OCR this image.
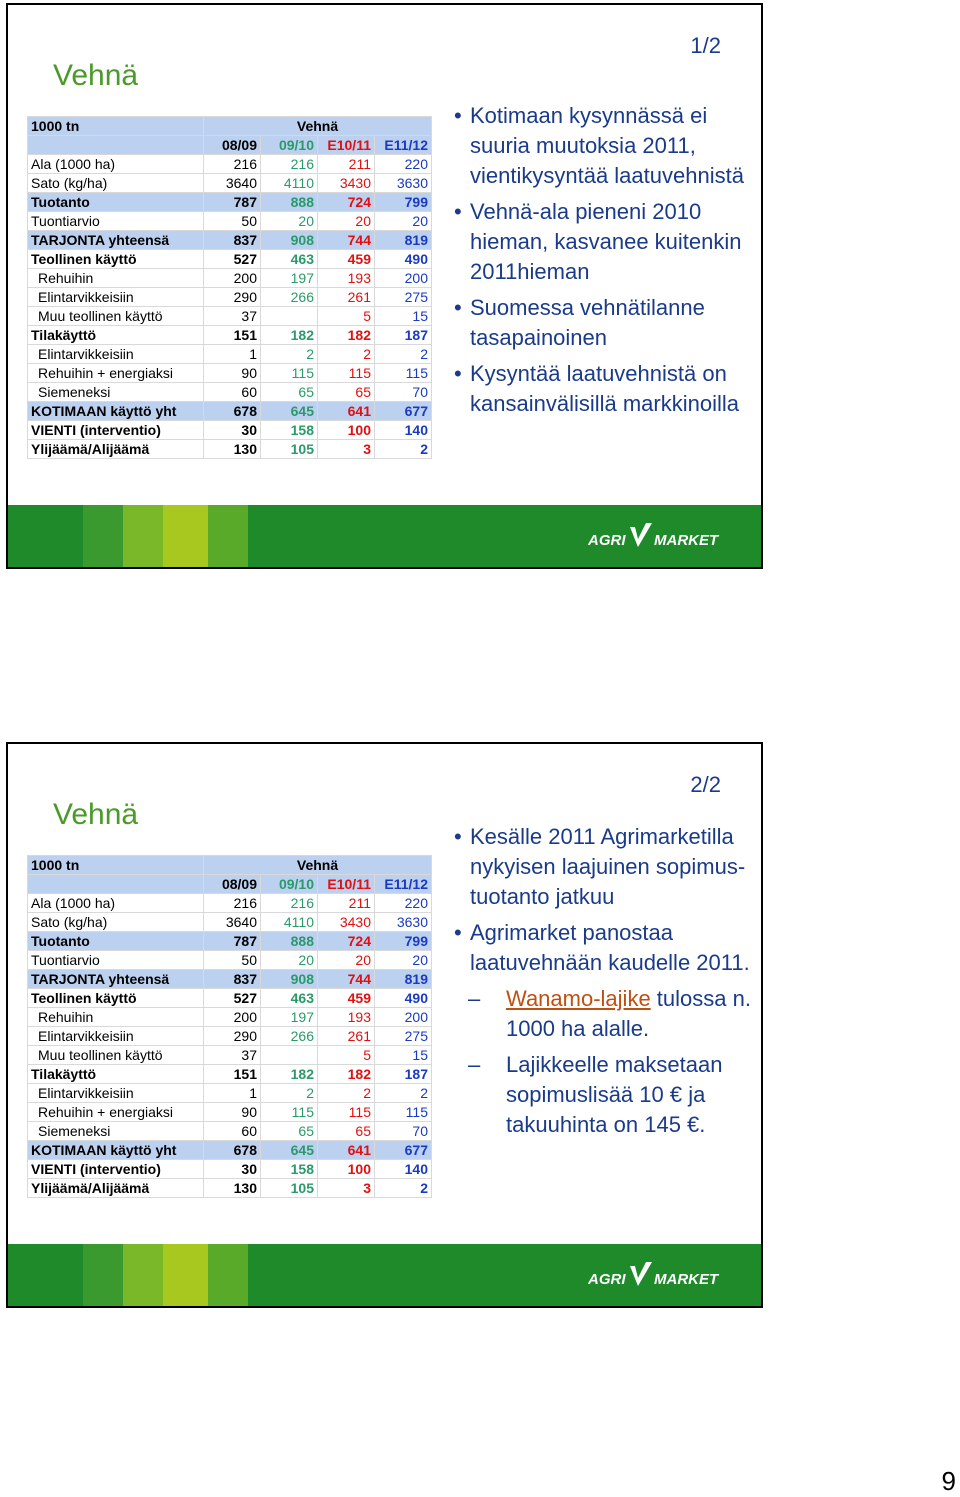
1/2
Vehnä
1000 tn	Vehnä			
	08/09	09/10	E10/11	E11/12
Ala (1000 ha)	216	216	211	220
Sato (kg/ha)	3640	4110	3430	3630
Tuotanto	787	888	724	799
Tuontiarvio	50	20	20	20
TARJONTA yhteensä	837	908	744	819
Teollinen käyttö	527	463	459	490
Rehuihin	200	197	193	200
Elintarvikkeisiin	290	266	261	275
Muu teollinen käyttö	37		5	15
Tilakäyttö	151	182	182	187
Elintarvikkeisiin	1	2	2	2
Rehuihin + energiaksi	90	115	115	115
Siemeneksi	60	65	65	70
KOTIMAAN käyttö yht	678	645	641	677
VIENTI (interventio)	30	158	100	140
Ylijäämä/Alijäämä	130	105	3	2
• Kotimaan kysynnässä ei suuria muutoksia 2011, vientikysyntää laatuvehnistä
• Vehnä-ala pieneni 2010 hieman, kasvanee kuitenkin 2011hieman
• Suomessa vehnätilanne tasapainoinen
• Kysyntää laatuvehnistä on kansainvälisillä markkinoilla
AGRI MARKET
2/2
Vehnä
1000 tn	Vehnä			
	08/09	09/10	E10/11	E11/12
Ala (1000 ha)	216	216	211	220
Sato (kg/ha)	3640	4110	3430	3630
Tuotanto	787	888	724	799
Tuontiarvio	50	20	20	20
TARJONTA yhteensä	837	908	744	819
Teollinen käyttö	527	463	459	490
Rehuihin	200	197	193	200
Elintarvikkeisiin	290	266	261	275
Muu teollinen käyttö	37		5	15
Tilakäyttö	151	182	182	187
Elintarvikkeisiin	1	2	2	2
Rehuihin + energiaksi	90	115	115	115
Siemeneksi	60	65	65	70
KOTIMAAN käyttö yht	678	645	641	677
VIENTI (interventio)	30	158	100	140
Ylijäämä/Alijäämä	130	105	3	2
• Kesälle 2011 Agrimarketilla nykyisen laajuinen sopimus-tuotanto jatkuu
• Agrimarket panostaa laatuvehnään kaudelle 2011.
– Wanamo-lajike tulossa n. 1000 ha alalle.
– Lajikkeelle maksetaan sopimuslisää 10 € ja takuuhinta on 145 €.
AGRI MARKET
9
